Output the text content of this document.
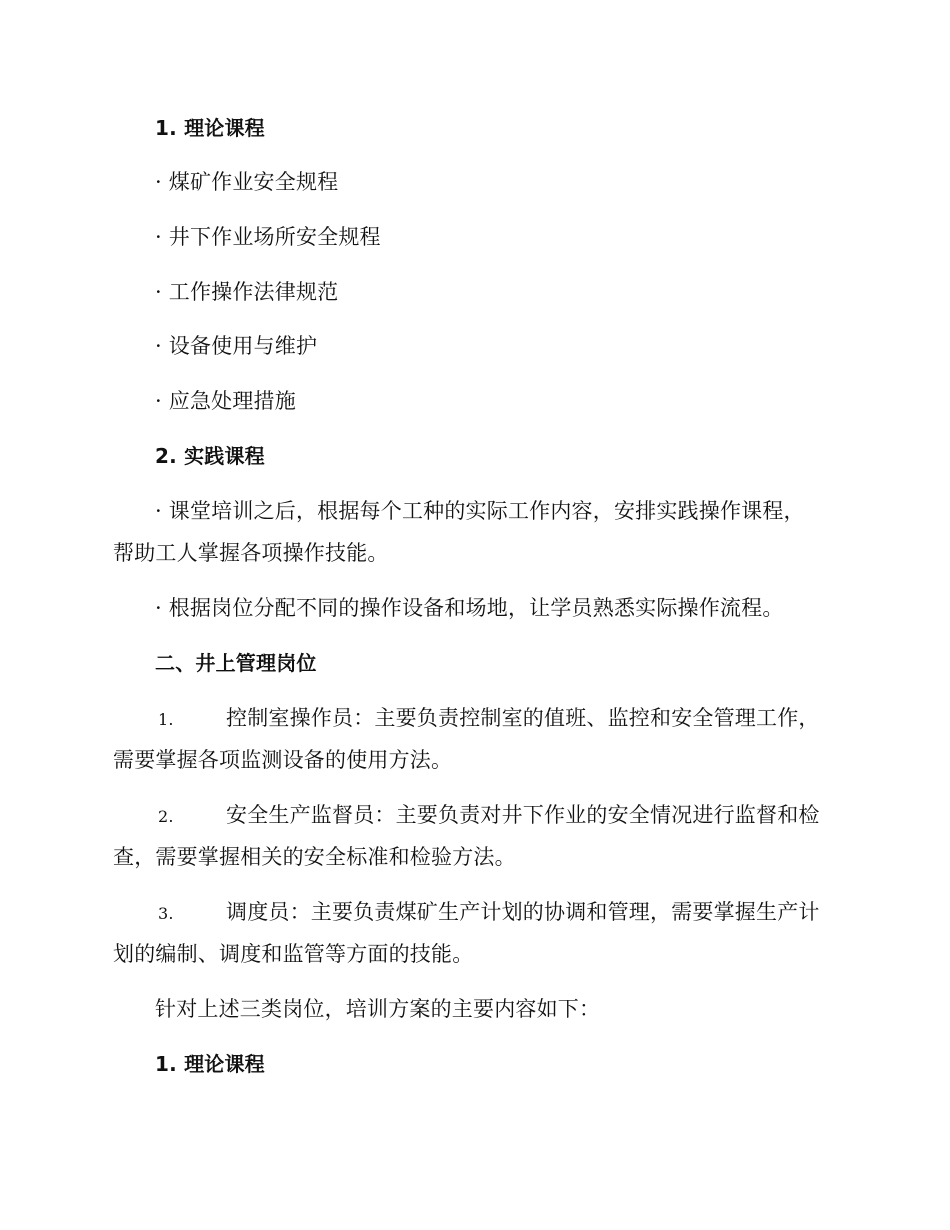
1. 理论课程
· 煤矿作业安全规程
· 井下作业场所安全规程
· 工作操作法律规范
· 设备使用与维护
· 应急处理措施
2. 实践课程
· 课堂培训之后，根据每个工种的实际工作内容，安排实践操作课程，
帮助工人掌握各项操作技能。
· 根据岗位分配不同的操作设备和场地，让学员熟悉实际操作流程。
二、井上管理岗位
1. 控制室操作员：主要负责控制室的值班、监控和安全管理工作，
需要掌握各项监测设备的使用方法。
2. 安全生产监督员：主要负责对井下作业的安全情况进行监督和检
查，需要掌握相关的安全标准和检验方法。
3. 调度员：主要负责煤矿生产计划的协调和管理，需要掌握生产计
划的编制、调度和监管等方面的技能。
针对上述三类岗位，培训方案的主要内容如下：
1. 理论课程
